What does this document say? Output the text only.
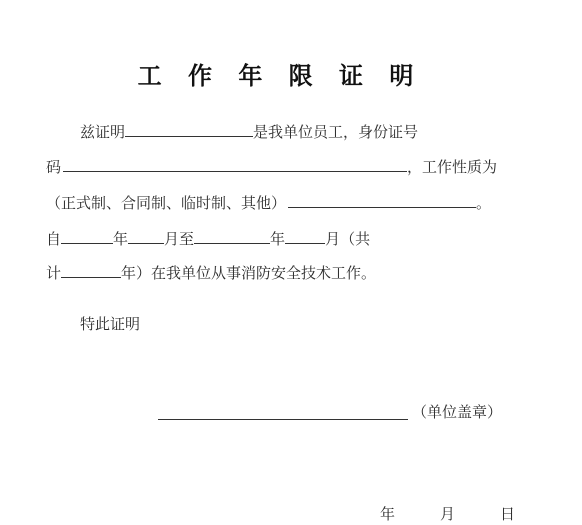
工 作 年 限 证 明
兹证明	是我单位员工，身份证号
码	，工作性质为
（正式制、合同制、临时制、其他）	。
自	年 月至	年	月（共
计	年）在我单位从事消防安全技术工作。
特此证明
（单位盖章）
年	月	日
